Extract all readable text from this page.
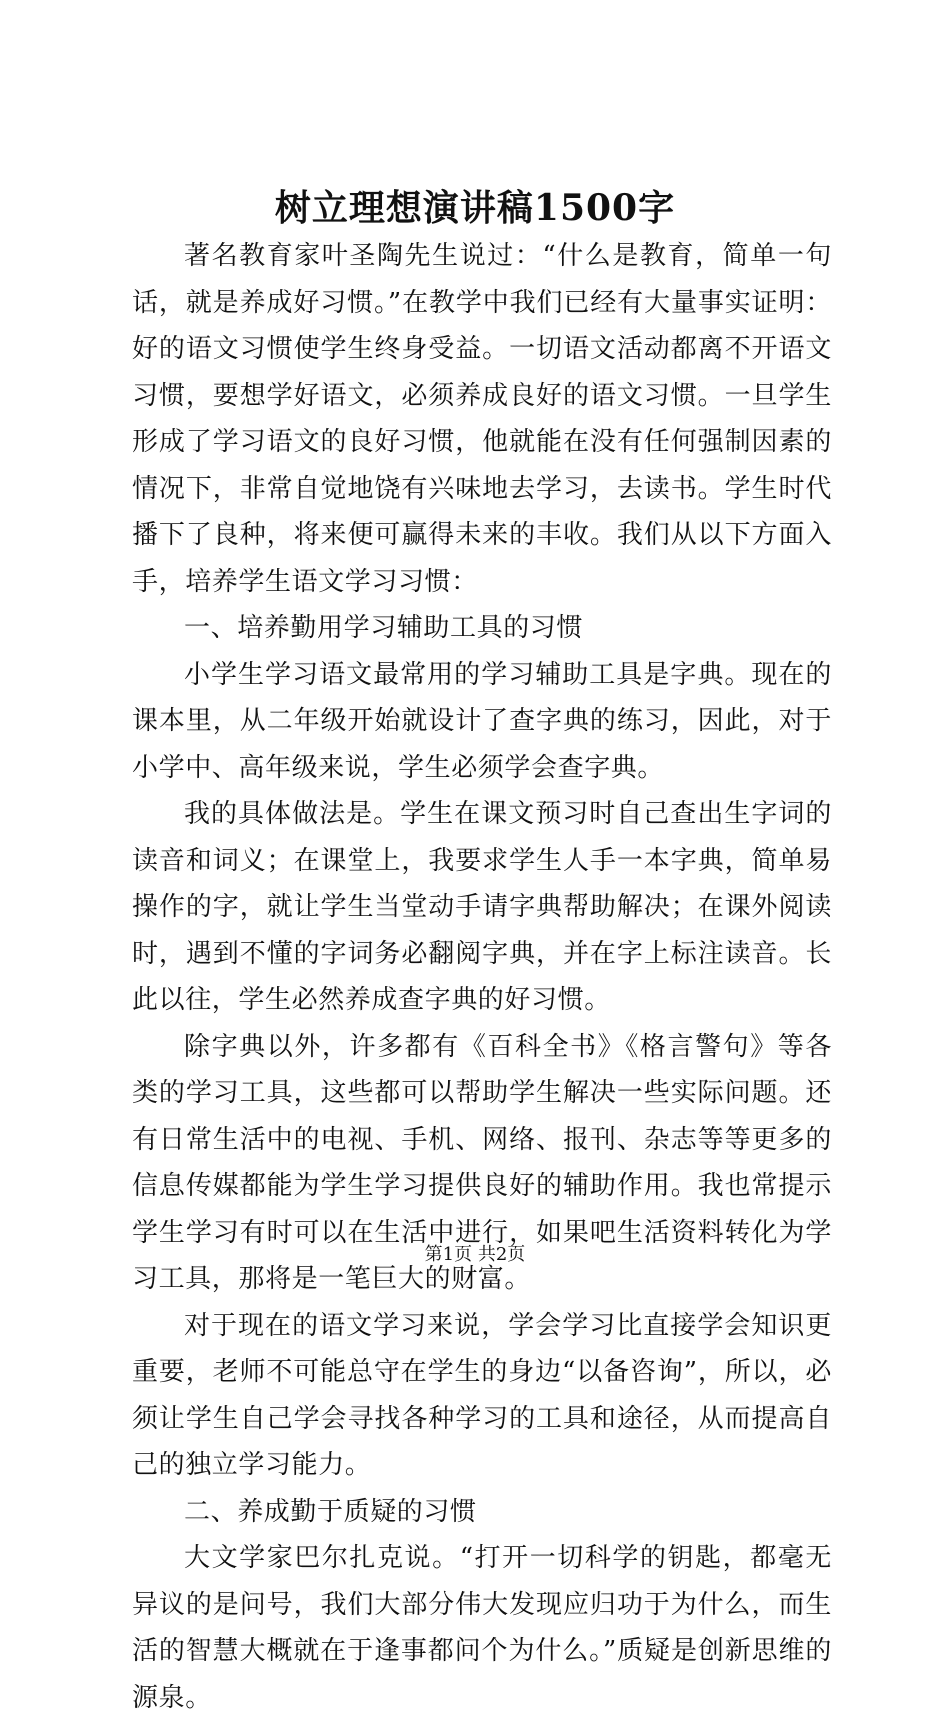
树立理想演讲稿1500字

著名教育家叶圣陶先生说过：“什么是教育，简单一句话，就是养成好习惯。”在教学中我们已经有大量事实证明：好的语文习惯使学生终身受益。一切语文活动都离不开语文习惯，要想学好语文，必须养成良好的语文习惯。一旦学生形成了学习语文的良好习惯，他就能在没有任何强制因素的情况下，非常自觉地饶有兴味地去学习，去读书。学生时代播下了良种，将来便可赢得未来的丰收。我们从以下方面入手，培养学生语文学习习惯：

一、培养勤用学习辅助工具的习惯

小学生学习语文最常用的学习辅助工具是字典。现在的课本里，从二年级开始就设计了查字典的练习，因此，对于小学中、高年级来说，学生必须学会查字典。

我的具体做法是。学生在课文预习时自己查出生字词的读音和词义；在课堂上，我要求学生人手一本字典，简单易操作的字，就让学生当堂动手请字典帮助解决；在课外阅读时，遇到不懂的字词务必翻阅字典，并在字上标注读音。长此以往，学生必然养成查字典的好习惯。

除字典以外，许多都有《百科全书》《格言警句》等各类的学习工具，这些都可以帮助学生解决一些实际问题。还有日常生活中的电视、手机、网络、报刊、杂志等等更多的信息传媒都能为学生学习提供良好的辅助作用。我也常提示学生学习有时可以在生活中进行，如果吧生活资料转化为学习工具，那将是一笔巨大的财富。

对于现在的语文学习来说，学会学习比直接学会知识更重要，老师不可能总守在学生的身边“以备咨询”，所以，必须让学生自己学会寻找各种学习的工具和途径，从而提高自己的独立学习能力。

二、养成勤于质疑的习惯

大文学家巴尔扎克说。“打开一切科学的钥匙，都毫无异议的是问号，我们大部分伟大发现应归功于为什么，而生活的智慧大概就在于逢事都问个为什么。”质疑是创新思维的源泉。

第1页 共2页
